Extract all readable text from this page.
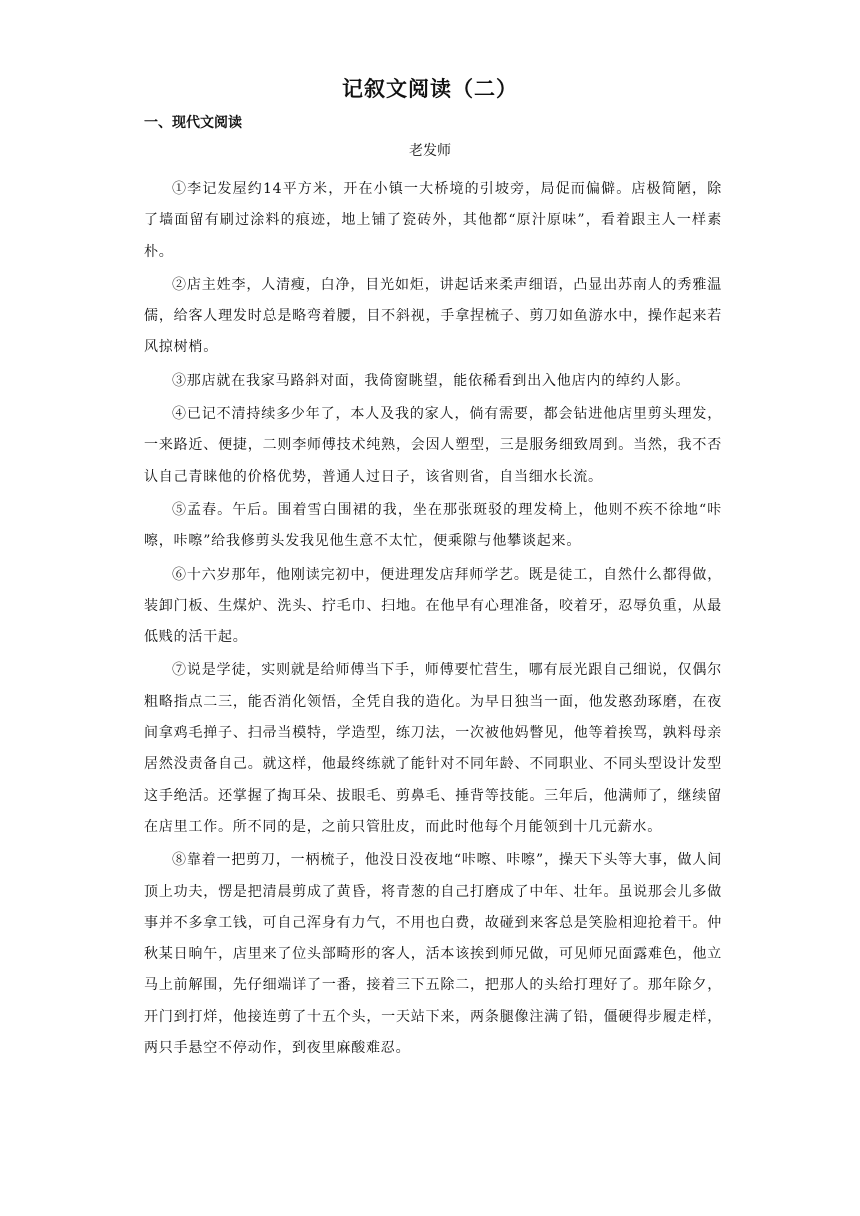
记叙文阅读（二）
一、现代文阅读
老发师

①李记发屋约14平方米，开在小镇一大桥境的引坡旁，局促而偏僻。店极简陋，除了墙面留有刷过涂料的痕迹，地上铺了瓷砖外，其他都“原汁原味”，看着跟主人一样素朴。

②店主姓李，人清瘦，白净，目光如炬，讲起话来柔声细语，凸显出苏南人的秀雅温儒，给客人理发时总是略弯着腰，目不斜视，手拿捏梳子、剪刀如鱼游水中，操作起来若风掠树梢。

③那店就在我家马路斜对面，我倚窗眺望，能依稀看到出入他店内的绰约人影。

④已记不清持续多少年了，本人及我的家人，倘有需要，都会钻进他店里剪头理发，一来路近、便捷，二则李师傅技术纯熟，会因人塑型，三是服务细致周到。当然，我不否认自己青睐他的价格优势，普通人过日子，该省则省，自当细水长流。

⑤孟春。午后。围着雪白围裙的我，坐在那张斑驳的理发椅上，他则不疾不徐地“咔嚓，咔嚓”给我修剪头发我见他生意不太忙，便乘隙与他攀谈起来。

⑥十六岁那年，他刚读完初中，便进理发店拜师学艺。既是徒工，自然什么都得做，装卸门板、生煤炉、洗头、拧毛巾、扫地。在他早有心理准备，咬着牙，忍辱负重，从最低贱的活干起。

⑦说是学徒，实则就是给师傅当下手，师傅要忙营生，哪有辰光跟自己细说，仅偶尔粗略指点二三，能否消化领悟，全凭自我的造化。为早日独当一面，他发憨劲琢磨，在夜间拿鸡毛掸子、扫帚当模特，学造型，练刀法，一次被他妈瞥见，他等着挨骂，孰料母亲居然没责备自己。就这样，他最终练就了能针对不同年龄、不同职业、不同头型设计发型这手绝活。还掌握了掏耳朵、拔眼毛、剪鼻毛、捶背等技能。三年后，他满师了，继续留在店里工作。所不同的是，之前只管肚皮，而此时他每个月能领到十几元薪水。

⑧靠着一把剪刀，一柄梳子，他没日没夜地“咔嚓、咔嚓”，操天下头等大事，做人间顶上功夫，愣是把清晨剪成了黄昏，将青葱的自己打磨成了中年、壮年。虽说那会儿多做事并不多拿工钱，可自己浑身有力气，不用也白费，故碰到来客总是笑脸相迎抢着干。仲秋某日晌午，店里来了位头部畸形的客人，活本该挨到师兄做，可见师兄面露难色，他立马上前解围，先仔细端详了一番，接着三下五除二，把那人的头给打理好了。那年除夕，开门到打烊，他接连剪了十五个头，一天站下来，两条腿像注满了铅，僵硬得步履走样，两只手悬空不停动作，到夜里麻酸难忍。
